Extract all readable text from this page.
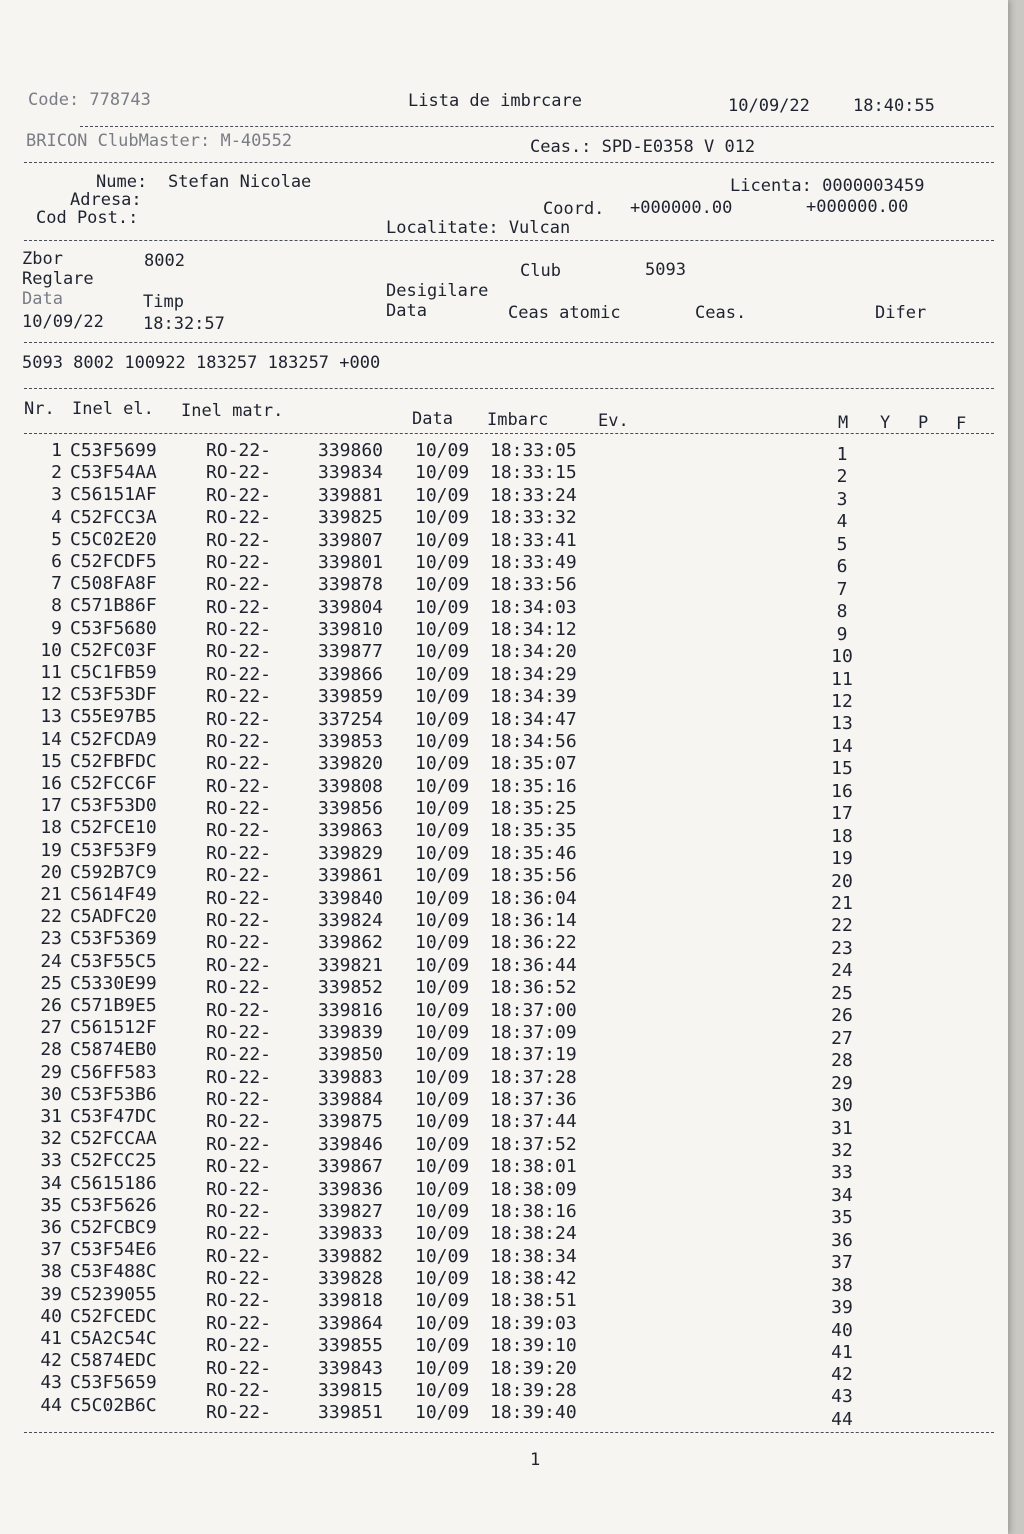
Code: 778743	Lista de imbrcare	10/09/22	18:40:55
BRICON ClubMaster: M-40552	Ceas.: SPD-E0358 V 012
Nume: Stefan Nicolae	Licenta: 0000003459
Adresa:	Coord. +000000.00	+000000.00
Cod Post.:	Localitate: Vulcan
Zbor	8002	Club	5093
Reglare
Desigilare
Data	Timp	Data	Ceas atomic	Ceas.	Difer
10/09/22 18:32:57
5093 8002 100922 183257 183257 +000
Nr. Inel el. Inel matr.	Data Imbarc	Ev.	M Y P F
1 C53F5699	RO-22-	339860 10/09 18:33:05	1
2 C53F54AA	RO-22-	339834 10/09 18:33:15	2
3 C56151AF	RO-22-	339881 10/09 18:33:24	3
4 C52FCC3A	RO-22-	339825 10/09 18:33:32	4
5 C5C02E20	RO-22-	339807 10/09 18:33:41	5
6 C52FCDF5	RO-22-	339801 10/09 18:33:49	6
7 C508FA8F	RO-22-	339878 10/09 18:33:56	7
8 C571B86F	RO-22-	339804 10/09 18:34:03	8
9 C53F5680	RO-22-	339810 10/09 18:34:12	9
10 C52FC03F	RO-22-	339877 10/09 18:34:20	10
11 C5C1FB59	RO-22-	339866 10/09 18:34:29	11
12 C53F53DF	RO-22-	339859 10/09 18:34:39	12
13 C55E97B5	RO-22-	337254 10/09 18:34:47	13
14 C52FCDA9	RO-22-	339853 10/09 18:34:56	14
15 C52FBFDC	RO-22-	339820 10/09 18:35:07	15
16 C52FCC6F	RO-22-	339808 10/09 18:35:16	16
17 C53F53D0	RO-22-	339856 10/09 18:35:25	17
18 C52FCE10	RO-22-	339863 10/09 18:35:35	18
19 C53F53F9	RO-22-	339829 10/09 18:35:46	19
20 C592B7C9	RO-22-	339861 10/09 18:35:56	20
21 C5614F49	RO-22-	339840 10/09 18:36:04	21
22 C5ADFC20	RO-22-	339824 10/09 18:36:14	22
23 C53F5369	RO-22-	339862 10/09 18:36:22	23
24 C53F55C5	RO-22-	339821 10/09 18:36:44	24
25 C5330E99	RO-22-	339852 10/09 18:36:52	25
26 C571B9E5	RO-22-	339816 10/09 18:37:00	26
27 C561512F	RO-22-	339839 10/09 18:37:09	27
28 C5874EB0	RO-22-	339850 10/09 18:37:19	28
29 C56FF583	RO-22-	339883 10/09 18:37:28	29
30 C53F53B6	RO-22-	339884 10/09 18:37:36	30
31 C53F47DC	RO-22-	339875 10/09 18:37:44	31
32 C52FCCAA	RO-22-	339846 10/09 18:37:52	32
33 C52FCC25	RO-22-	339867 10/09 18:38:01	33
34 C5615186	RO-22-	339836 10/09 18:38:09	34
35 C53F5626	RO-22-	339827 10/09 18:38:16	35
36 C52FCBC9	RO-22-	339833 10/09 18:38:24	36
37 C53F54E6	RO-22-	339882 10/09 18:38:34	37
38 C53F488C	RO-22-	339828 10/09 18:38:42	38
39 C5239055	RO-22-	339818 10/09 18:38:51	39
40 C52FCEDC	RO-22-	339864 10/09 18:39:03	40
41 C5A2C54C	RO-22-	339855 10/09 18:39:10	41
42 C5874EDC	RO-22-	339843 10/09 18:39:20	42
43 C53F5659	RO-22-	339815 10/09 18:39:28	43
44 C5C02B6C	RO-22-	339851 10/09 18:39:40	44
1
